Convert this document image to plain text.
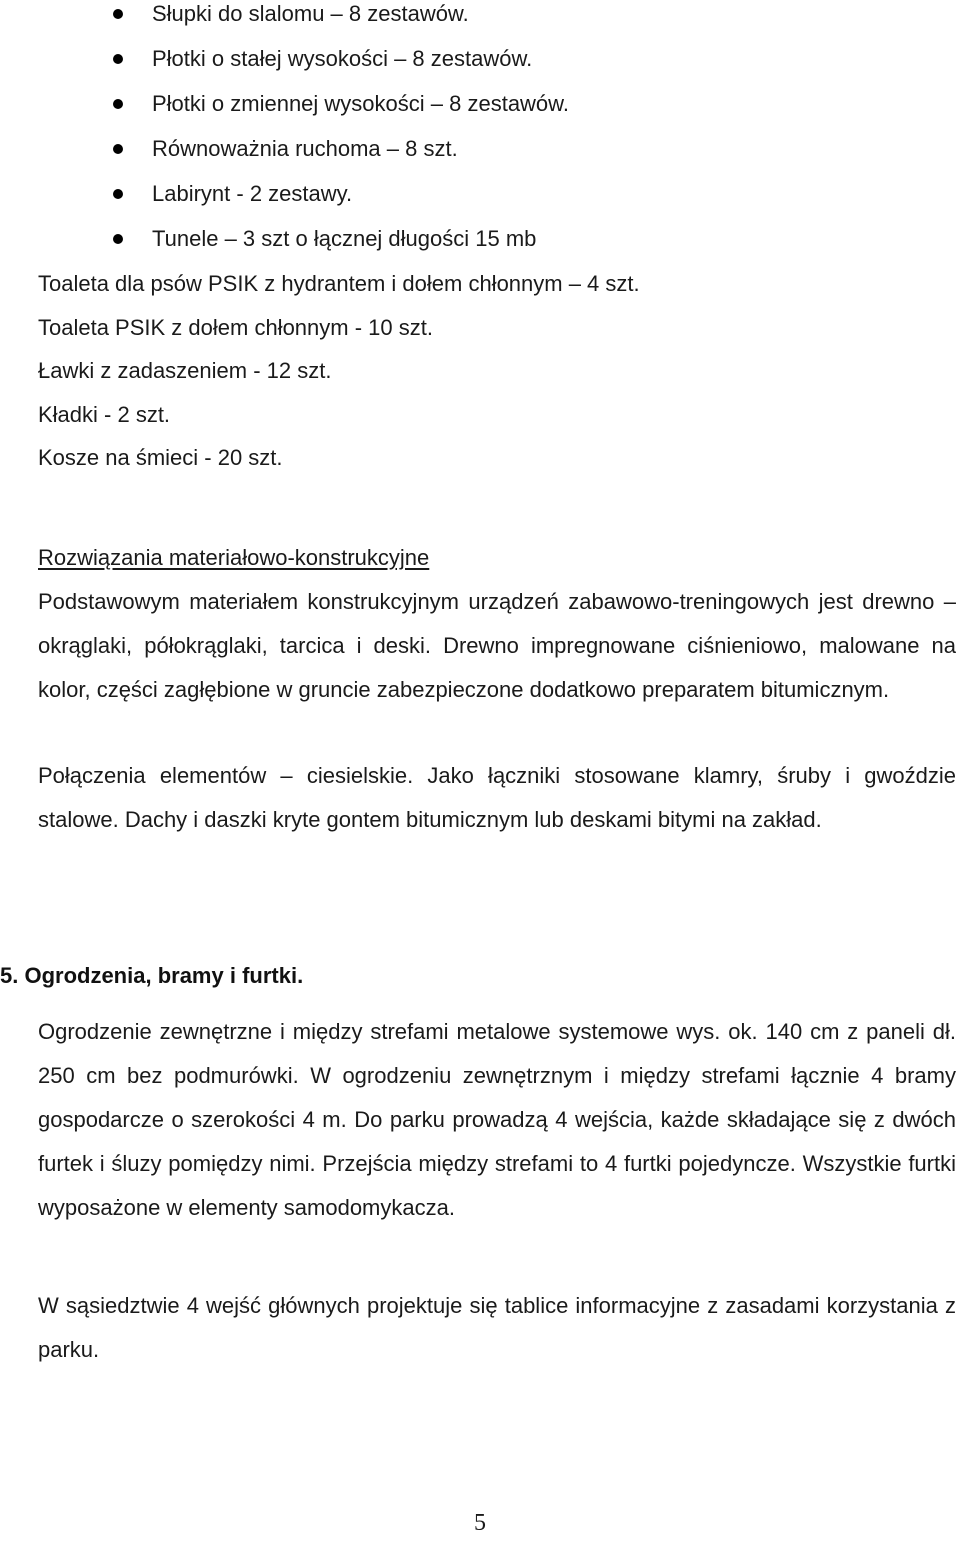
Słupki do slalomu – 8 zestawów.
Płotki o stałej wysokości – 8 zestawów.
Płotki o zmiennej wysokości – 8 zestawów.
Równoważnia ruchoma – 8 szt.
Labirynt - 2 zestawy.
Tunele – 3 szt o łącznej długości 15 mb
Toaleta dla psów PSIK z hydrantem i dołem chłonnym – 4 szt.
Toaleta PSIK z dołem chłonnym - 10 szt.
Ławki z zadaszeniem - 12 szt.
Kładki - 2 szt.
Kosze na śmieci - 20 szt.

Rozwiązania materiałowo-konstrukcyjne

Podstawowym materiałem konstrukcyjnym urządzeń zabawowo-treningowych jest drewno – okrąglaki, półokrąglaki, tarcica i deski. Drewno impregnowane ciśnieniowo, malowane na kolor, części zagłębione w gruncie zabezpieczone dodatkowo preparatem bitumicznym.

Połączenia elementów – ciesielskie. Jako łączniki stosowane klamry, śruby i gwoździe stalowe. Dachy i daszki kryte gontem bitumicznym lub deskami bitymi na zakład.

5. Ogrodzenia, bramy i furtki.

Ogrodzenie zewnętrzne i między strefami metalowe systemowe wys. ok. 140 cm z paneli dł. 250 cm bez podmurówki. W ogrodzeniu zewnętrznym i między strefami łącznie 4 bramy gospodarcze o szerokości 4 m. Do parku prowadzą 4 wejścia, każde składające się z dwóch furtek i śluzy pomiędzy nimi. Przejścia między strefami to 4 furtki pojedyncze. Wszystkie furtki wyposażone w elementy samodomykacza.

W sąsiedztwie 4 wejść głównych projektuje się tablice informacyjne z zasadami korzystania z parku.

5
